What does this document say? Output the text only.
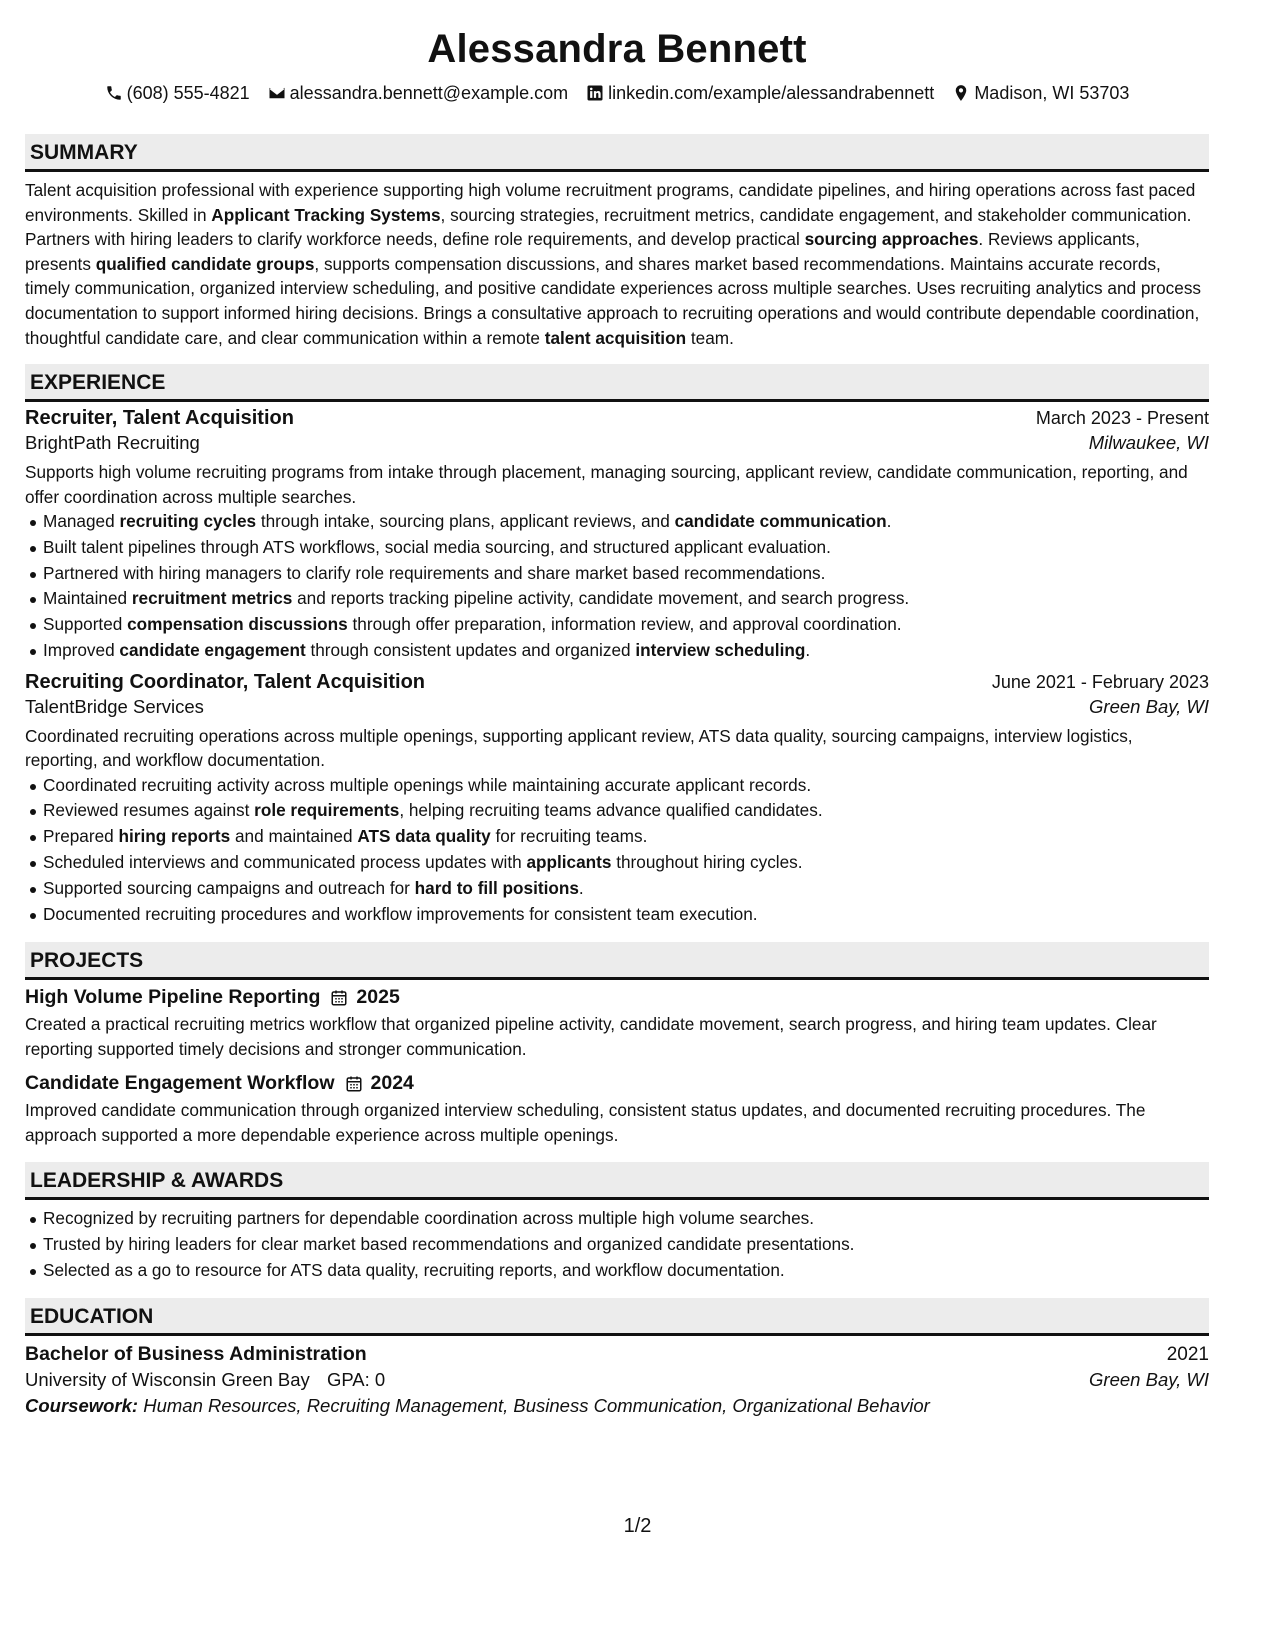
Alessandra Bennett
(608) 555-4821 alessandra.bennett@example.com linkedin.com/example/alessandrabennett Madison, WI 53703
SUMMARY

Talent acquisition professional with experience supporting high volume recruitment programs, candidate pipelines, and hiring operations across fast paced environments. Skilled in Applicant Tracking Systems, sourcing strategies, recruitment metrics, candidate engagement, and stakeholder communication. Partners with hiring leaders to clarify workforce needs, define role requirements, and develop practical sourcing approaches. Reviews applicants, presents qualified candidate groups, supports compensation discussions, and shares market based recommendations. Maintains accurate records, timely communication, organized interview scheduling, and positive candidate experiences across multiple searches. Uses recruiting analytics and process documentation to support informed hiring decisions. Brings a consultative approach to recruiting operations and would contribute dependable coordination, thoughtful candidate care, and clear communication within a remote talent acquisition team.

EXPERIENCE
Recruiter, Talent Acquisition	March 2023 - Present
BrightPath Recruiting	Milwaukee, WI
Supports high volume recruiting programs from intake through placement, managing sourcing, applicant review, candidate communication, reporting, and offer coordination across multiple searches.
Managed recruiting cycles through intake, sourcing plans, applicant reviews, and candidate communication.
Built talent pipelines through ATS workflows, social media sourcing, and structured applicant evaluation.
Partnered with hiring managers to clarify role requirements and share market based recommendations.
Maintained recruitment metrics and reports tracking pipeline activity, candidate movement, and search progress.
Supported compensation discussions through offer preparation, information review, and approval coordination.
Improved candidate engagement through consistent updates and organized interview scheduling.
Recruiting Coordinator, Talent Acquisition	June 2021 - February 2023
TalentBridge Services	Green Bay, WI
Coordinated recruiting operations across multiple openings, supporting applicant review, ATS data quality, sourcing campaigns, interview logistics, reporting, and workflow documentation.
Coordinated recruiting activity across multiple openings while maintaining accurate applicant records.
Reviewed resumes against role requirements, helping recruiting teams advance qualified candidates.
Prepared hiring reports and maintained ATS data quality for recruiting teams.
Scheduled interviews and communicated process updates with applicants throughout hiring cycles.
Supported sourcing campaigns and outreach for hard to fill positions.
Documented recruiting procedures and workflow improvements for consistent team execution.
PROJECTS
High Volume Pipeline Reporting 2025
Created a practical recruiting metrics workflow that organized pipeline activity, candidate movement, search progress, and hiring team updates. Clear reporting supported timely decisions and stronger communication.
Candidate Engagement Workflow 2024
Improved candidate communication through organized interview scheduling, consistent status updates, and documented recruiting procedures. The approach supported a more dependable experience across multiple openings.
LEADERSHIP & AWARDS
Recognized by recruiting partners for dependable coordination across multiple high volume searches.
Trusted by hiring leaders for clear market based recommendations and organized candidate presentations.
Selected as a go to resource for ATS data quality, recruiting reports, and workflow documentation.
EDUCATION
Bachelor of Business Administration	2021
University of Wisconsin Green Bay GPA: 0	Green Bay, WI
Coursework: Human Resources, Recruiting Management, Business Communication, Organizational Behavior
1/2
